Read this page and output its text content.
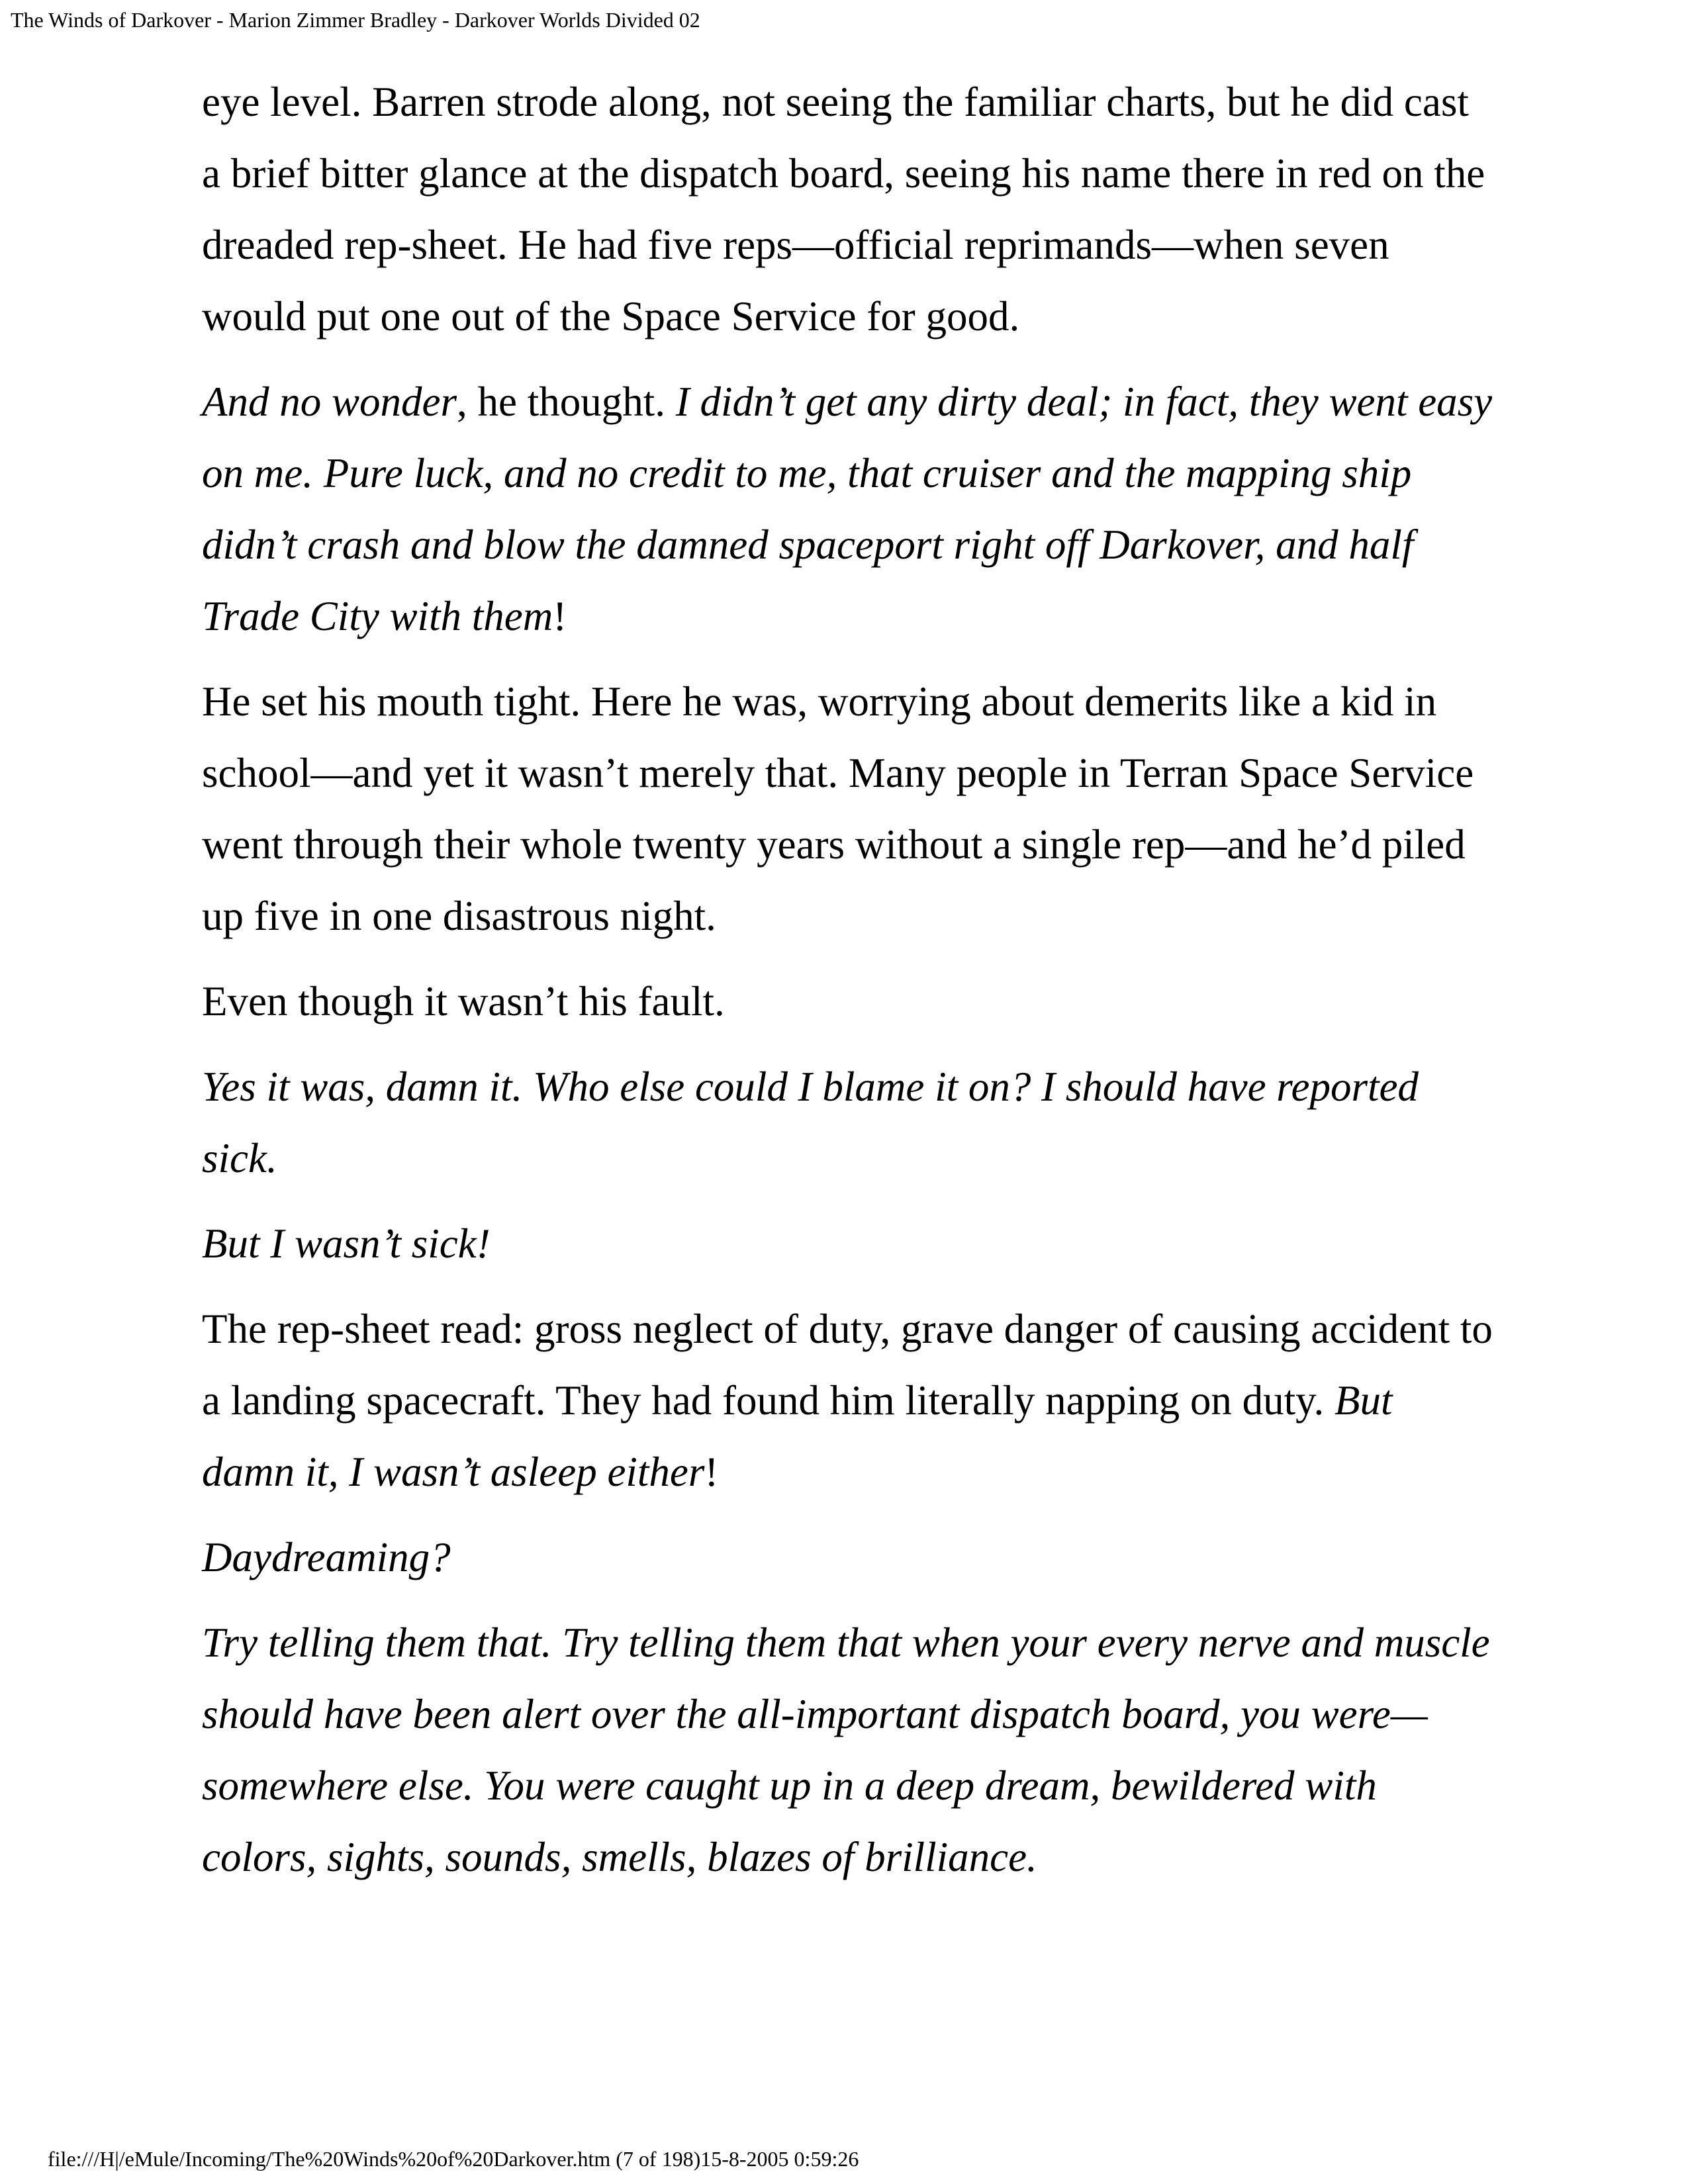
The Winds of Darkover - Marion Zimmer Bradley - Darkover Worlds Divided 02

eye level. Barren strode along, not seeing the familiar charts, but he did cast a brief bitter glance at the dispatch board, seeing his name there in red on the dreaded rep-sheet. He had five reps—official reprimands—when seven would put one out of the Space Service for good.

And no wonder, he thought. I didn’t get any dirty deal; in fact, they went easy on me. Pure luck, and no credit to me, that cruiser and the mapping ship didn’t crash and blow the damned spaceport right off Darkover, and half Trade City with them!

He set his mouth tight. Here he was, worrying about demerits like a kid in school—and yet it wasn’t merely that. Many people in Terran Space Service went through their whole twenty years without a single rep—and he’d piled up five in one disastrous night.

Even though it wasn’t his fault.

Yes it was, damn it. Who else could I blame it on? I should have reported sick.

But I wasn’t sick!

The rep-sheet read: gross neglect of duty, grave danger of causing accident to a landing spacecraft. They had found him literally napping on duty. But damn it, I wasn’t asleep either!

Daydreaming?

Try telling them that. Try telling them that when your every nerve and muscle should have been alert over the all-important dispatch board, you were— somewhere else. You were caught up in a deep dream, bewildered with colors, sights, sounds, smells, blazes of brilliance.

file:///H|/eMule/Incoming/The%20Winds%20of%20Darkover.htm (7 of 198)15-8-2005 0:59:26
